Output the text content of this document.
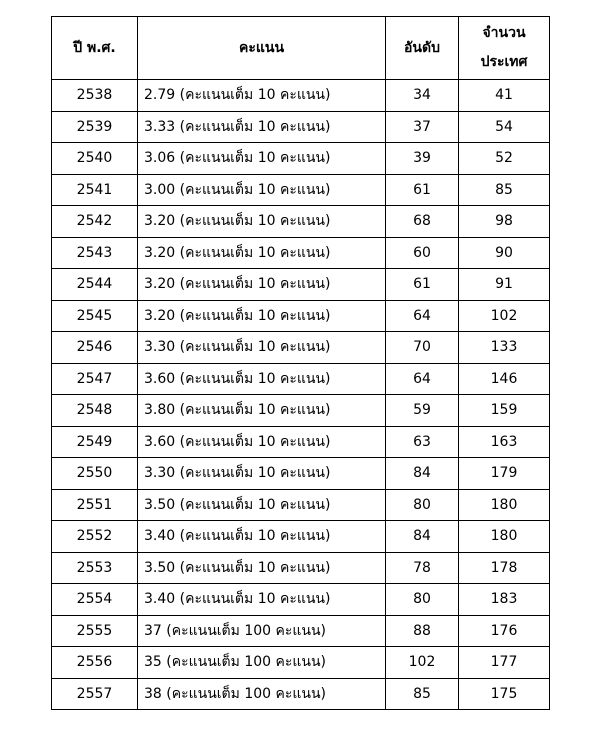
ปี พ.ศ.	คะแนน	อันดับ	จำนวน
ประเทศ

2538	2.79 (คะแนนเต็ม 10 คะแนน)	34	41
2539	3.33 (คะแนนเต็ม 10 คะแนน)	37	54
2540	3.06 (คะแนนเต็ม 10 คะแนน)	39	52
2541	3.00 (คะแนนเต็ม 10 คะแนน)	61	85
2542	3.20 (คะแนนเต็ม 10 คะแนน)	68	98
2543	3.20 (คะแนนเต็ม 10 คะแนน)	60	90
2544	3.20 (คะแนนเต็ม 10 คะแนน)	61	91
2545	3.20 (คะแนนเต็ม 10 คะแนน)	64	102
2546	3.30 (คะแนนเต็ม 10 คะแนน)	70	133
2547	3.60 (คะแนนเต็ม 10 คะแนน)	64	146
2548	3.80 (คะแนนเต็ม 10 คะแนน)	59	159
2549	3.60 (คะแนนเต็ม 10 คะแนน)	63	163
2550	3.30 (คะแนนเต็ม 10 คะแนน)	84	179
2551	3.50 (คะแนนเต็ม 10 คะแนน)	80	180
2552	3.40 (คะแนนเต็ม 10 คะแนน)	84	180
2553	3.50 (คะแนนเต็ม 10 คะแนน)	78	178
2554	3.40 (คะแนนเต็ม 10 คะแนน)	80	183
2555	37 (คะแนนเต็ม 100 คะแนน)	88	176
2556	35 (คะแนนเต็ม 100 คะแนน)	102	177
2557	38 (คะแนนเต็ม 100 คะแนน)	85	175
